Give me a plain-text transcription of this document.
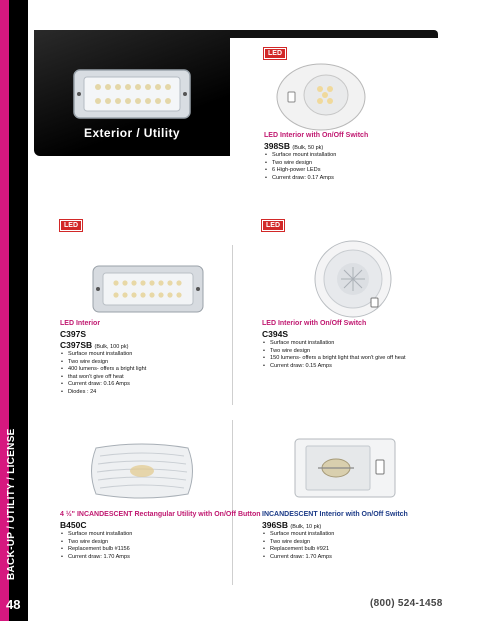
BACK-UP / UTILITY / LICENSE
48
Exterior / Utility
LED
LED Interior with On/Off Switch
398SB (Bulk, 50 pk)
• Surface mount installation
• Two wire design
• 6 High-power LEDs
• Current draw: 0.17 Amps
LED
LED Interior
C397S
C397SB (Bulk, 100 pk)
• Surface mount installation
• Two wire design
• 400 lumens- offers a bright light
• that won't give off heat
• Current draw: 0.16 Amps
• Diodes : 24
LED
LED Interior with On/Off Switch
C394S
• Surface mount installation
• Two wire design
• 150 lumens- offers a bright light that won't give off heat
• Current draw: 0.15 Amps
4 ½" INCANDESCENT Rectangular Utility with On/Off Button
B450C
• Surface mount installation
• Two wire design
• Replacement bulb #1156
• Current draw: 1.70 Amps
INCANDESCENT Interior with On/Off Switch
396SB (Bulk, 10 pk)
• Surface mount installation
• Two wire design
• Replacement bulb #921
• Current draw: 1.70 Amps
(800) 524-1458
